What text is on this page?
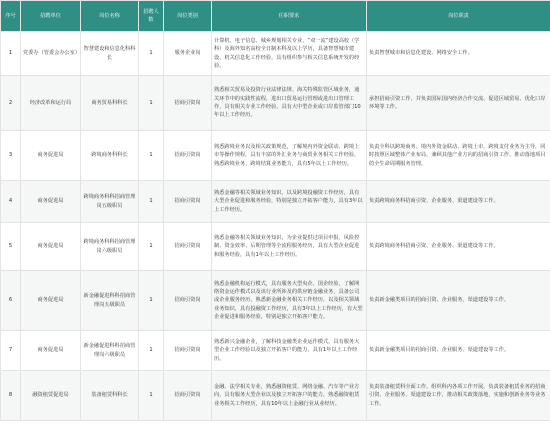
序号	招聘单位	岗位名称	招聘人数	岗位类别	任职要求	岗位职责
1	党委办（管委会办公室）	智慧建设和信息化科科长	1	服务企业岗	计算机、电子信息、城乡规划相关专业，“双一流”建设高校（学科）及海外知名高校全日制本科及以上学历，具备智慧城市建设、机关信息化工作经验，具有组织参与相关信息系统开发的经验。	负责智慧城市和信息化建设、网络安全工作。
2	经济改革和运行局	商务贸易科科长	1	招商引资岗	熟悉相关贸易及投资行业法律法规、海关特殊监管区域业务，通关环节中的实践性流程，进出口贸易运行管理或进出口管理工作，具有相关专业工作经验，具有大中型企业或口岸监管部门10年以上工作经历。	承担招商引资工作，并负责国际国内经济合作交流、促进区域贸易、优化口岸环境等工作。
3	商务促进局	跨境商务科科长	1	招商引资岗	熟悉跨境业务以及相关政策规范，了解境内外资金联动、跨境上市等操作规程，具有丰富的外汇业务与商贸业务相关工作经验，熟悉跨境业务、跨境结算业务能力，具有5年以上工作经历。	负责全科以跨境商务、境内外资金联动、跨境上市、跨境支付业务为主导，同时按照区域整体产业布局，兼顾其他产业方向的招商引资工作，推动落地项目的全生命周期服务管理。
4	商务促进局	跨境商务科科招商管理岗五级职员	1	招商引资岗	熟悉金融等相关领域业务知识，以及跨境投融资工作经历，具有大型企业促进和服务经验，特别是独立开拓客户能力，具有3年以上工作经历。	负责跨境商务科招商引资、企业服务、渠道建设等工作。
5	商务促进局	跨境商务科科招商管理岗六级职员	1	招商引资岗	熟悉金融等相关领域业务知识，为企业提供过项目申报、风险控制、资金效率、后期管理等全流程服务经历，具有大型企业促进和服务经验，具有1年以上工作经历。	负责跨境商务科招商引资、企业服务、渠道建设等工作。
6	商务促进局	新金融促进科科招商管理岗五级职员	1	招商引资岗	熟悉金融机构运行模式，具有服务大型央企、国企经验，了解网络资金运作模式以及该行业所涉及的供应链金融业务，具备公司或企业服务经历，熟悉新金融业务相关工作经历，以及相关领域业务知识，具有投融资工作经历，具有3年以上工作经历，有大型企业促进和服务经验，特别是独立开拓客户能力。	负责新金融类项目的招商引资、企业服务、渠道建设等工作。
7	商务促进局	新金融促进科科招商管理岗六级职员	1	招商引资岗	熟悉新兴金融企业，了解科技金融类企业运作模式，具有服务大型企业工作经验以及独立开拓客户的能力，具有1年以上工作经历。	负责新金融类项目的招商引资、企业服务、渠道建设等工作。
8	融资租赁促进局	装备租赁科科长	1	招商引资岗	金融、法学相关专业，熟悉融资租赁、网络金融、汽车等产业方向，具有服务大型企业以及独立开拓客户的能力，熟悉融资租赁业务相关工作经历，具有10年以上金融行业从业经历。	负责装备租赁科全面工作，组织科内各项工作开展，负责装备租赁业务的招商引资、企业服务、渠道建设工作，推动相关政策落地，实施和创新业务等业务工作。
